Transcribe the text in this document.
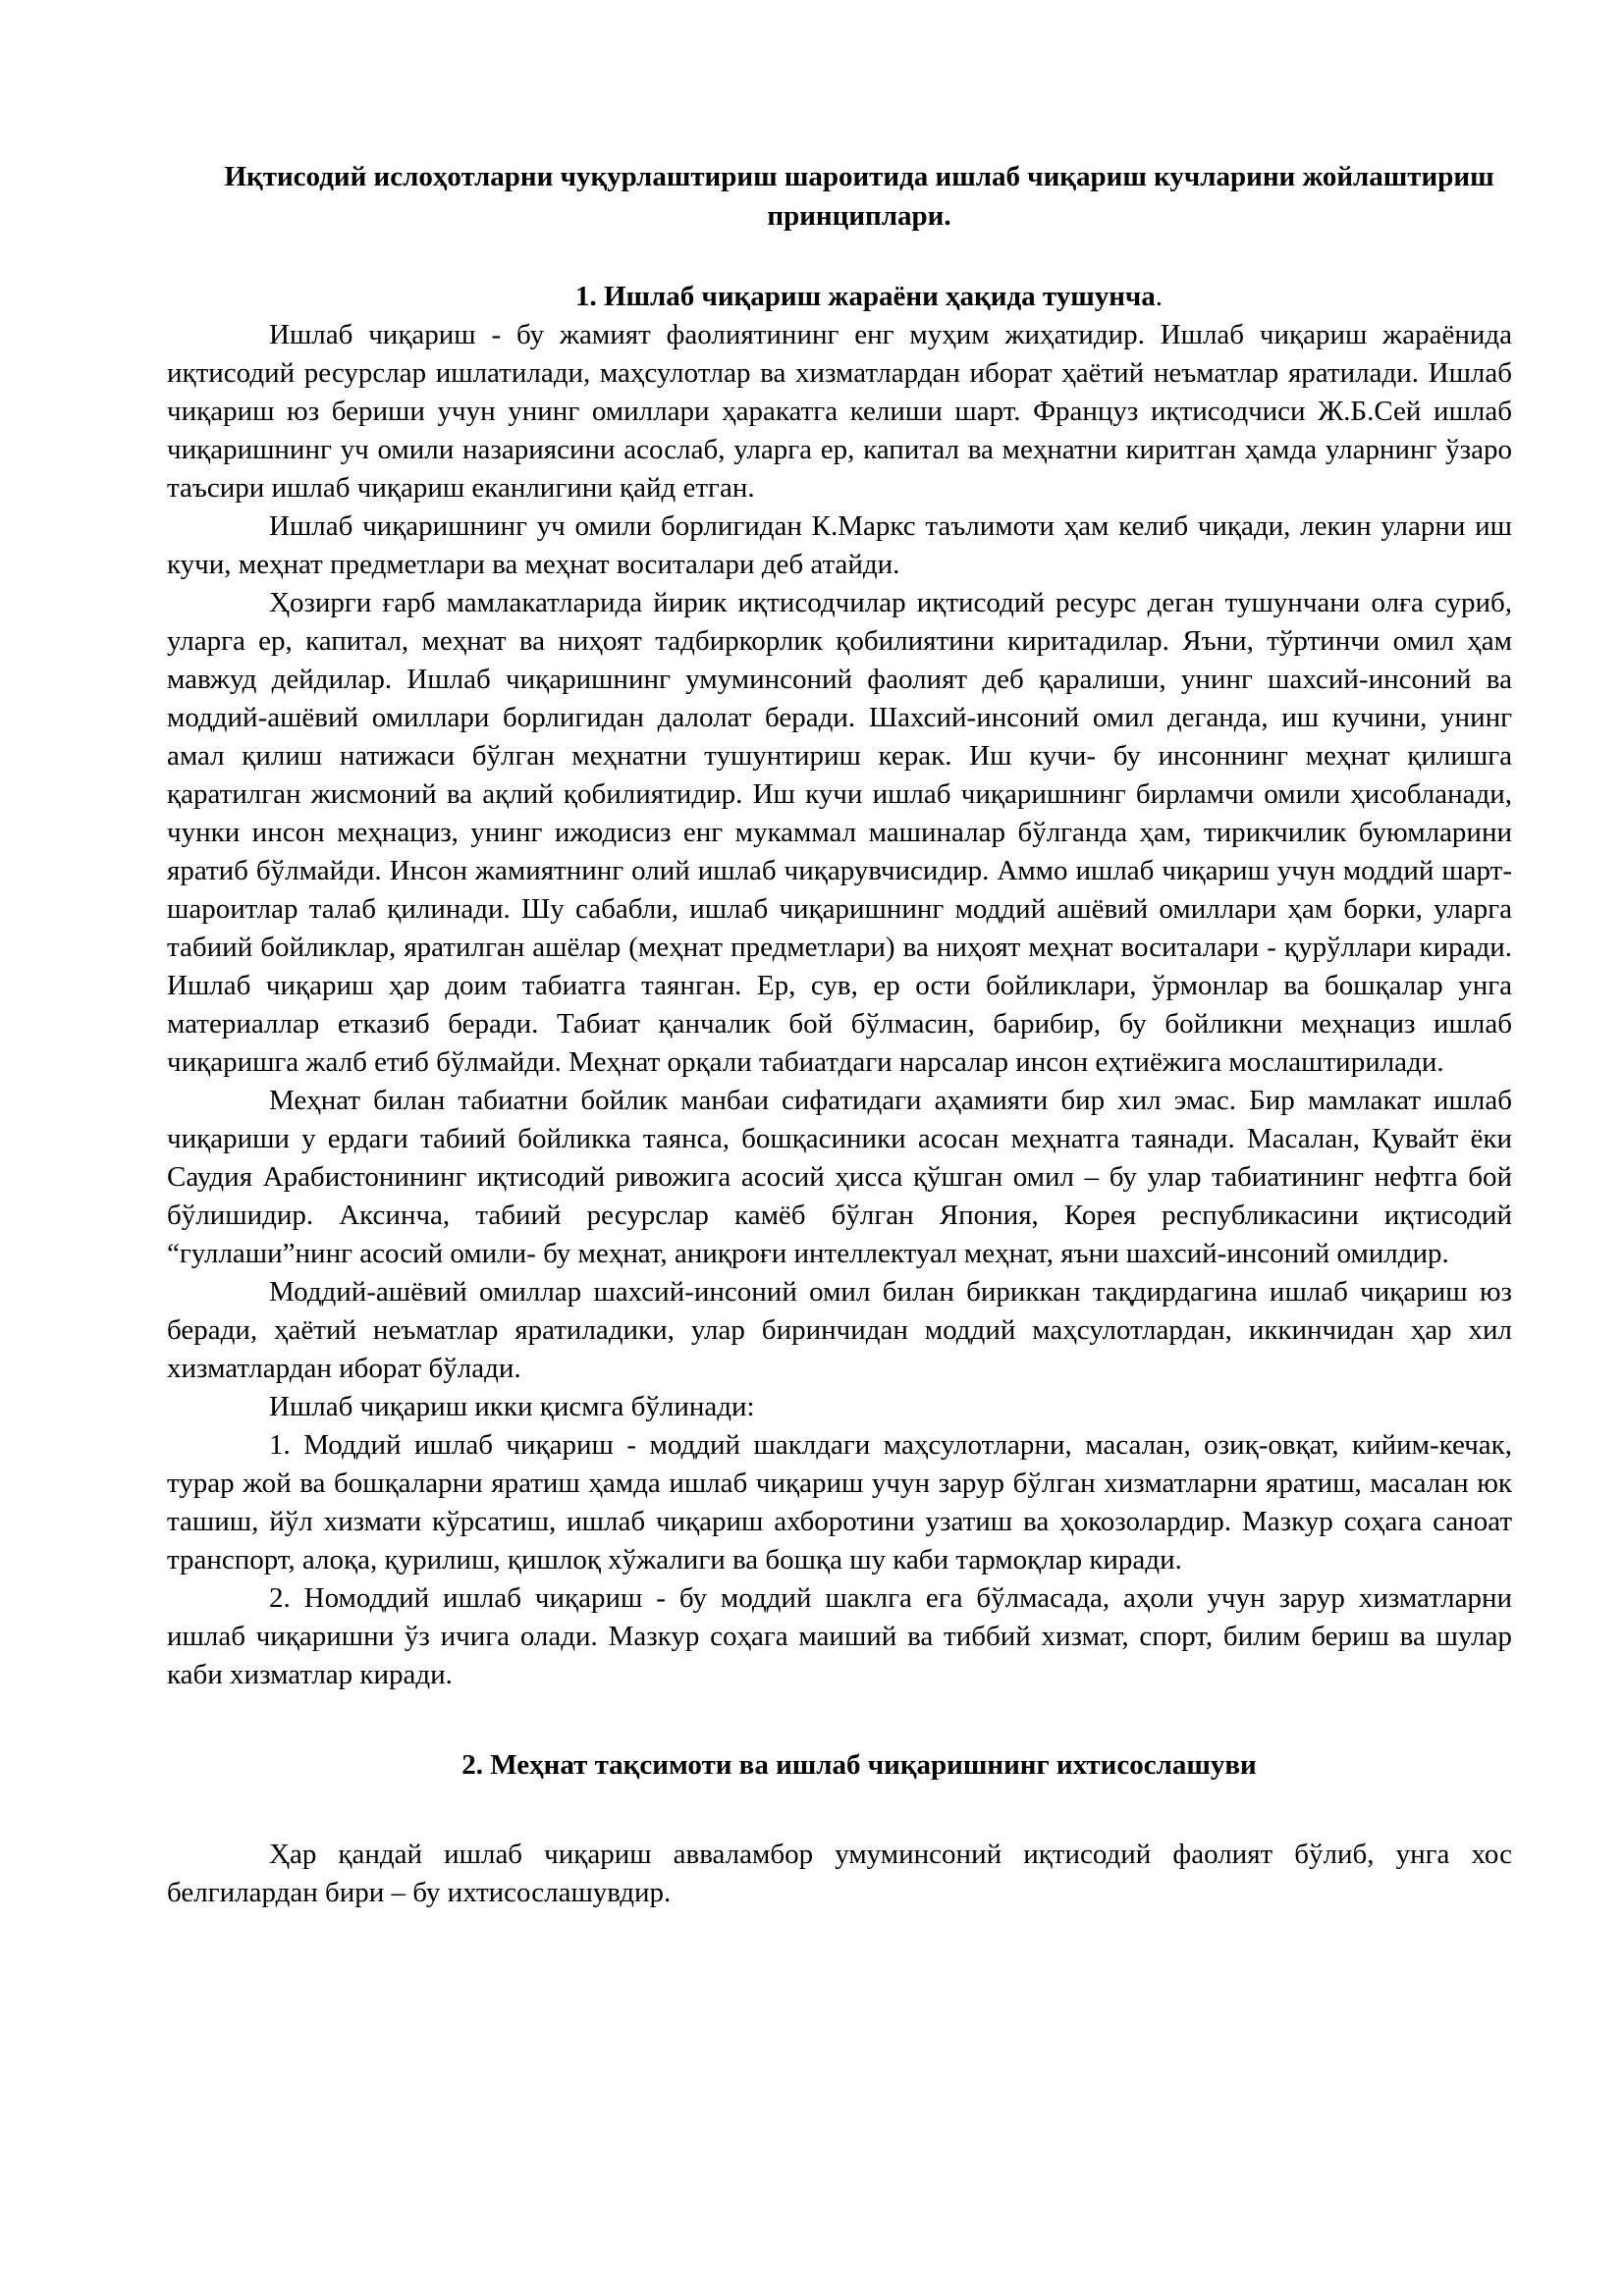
Иқтисодий ислоҳотларни чуқурлаштириш шароитида ишлаб чиқариш кучларини жойлаштириш принциплари.
1. Ишлаб чиқариш жараёни ҳақида тушунча.

Ишлаб чиқариш - бу жамият фаолиятининг енг муҳим жиҳатидир. Ишлаб чиқариш жараёнида иқтисодий ресурслар ишлатилади, маҳсулотлар ва хизматлардан иборат ҳаётий неъматлар яратилади. Ишлаб чиқариш юз бериши учун унинг омиллари ҳаракатга келиши шарт. Француз иқтисодчиси Ж.Б.Сей ишлаб чиқаришнинг уч омили назариясини асослаб, уларга ер, капитал ва меҳнатни киритган ҳамда уларнинг ўзаро таъсири ишлаб чиқариш еканлигини қайд етган.

Ишлаб чиқаришнинг уч омили борлигидан К.Маркс таълимоти ҳам келиб чиқади, лекин уларни иш кучи, меҳнат предметлари ва меҳнат воситалари деб атайди.

Ҳозирги ғарб мамлакатларида йирик иқтисодчилар иқтисодий ресурс деган тушунчани олға суриб, уларга ер, капитал, меҳнат ва ниҳоят тадбиркорлик қобилиятини киритадилар. Яъни, тўртинчи омил ҳам мавжуд дейдилар. Ишлаб чиқаришнинг умуминсоний фаолият деб қаралиши, унинг шахсий-инсоний ва моддий-ашёвий омиллари борлигидан далолат беради. Шахсий-инсоний омил деганда, иш кучини, унинг амал қилиш натижаси бўлган меҳнатни тушунтириш керак. Иш кучи- бу инсоннинг меҳнат қилишга қаратилган жисмоний ва ақлий қобилиятидир. Иш кучи ишлаб чиқаришнинг бирламчи омили ҳисобланади, чунки инсон меҳнациз, унинг ижодисиз енг мукаммал машиналар бўлганда ҳам, тирикчилик буюмларини яратиб бўлмайди. Инсон жамиятнинг олий ишлаб чиқарувчисидир. Аммо ишлаб чиқариш учун моддий шарт-шароитлар талаб қилинади. Шу сабабли, ишлаб чиқаришнинг моддий ашёвий омиллари ҳам борки, уларга табиий бойликлар, яратилган ашёлар (меҳнат предметлари) ва ниҳоят меҳнат воситалари - қурўллари киради. Ишлаб чиқариш ҳар доим табиатга таянган. Ер, сув, ер ости бойликлари, ўрмонлар ва бошқалар унга материаллар етказиб беради. Табиат қанчалик бой бўлмасин, барибир, бу бойликни меҳнациз ишлаб чиқаришга жалб етиб бўлмайди. Меҳнат орқали табиатдаги нарсалар инсон еҳтиёжига мослаштирилади.

Меҳнат билан табиатни бойлик манбаи сифатидаги аҳамияти бир хил эмас. Бир мамлакат ишлаб чиқариши у ердаги табиий бойликка таянса, бошқасиники асосан меҳнатга таянади. Масалан, Қувайт ёки Саудия Арабистонининг иқтисодий ривожига асосий ҳисса қўшган омил – бу улар табиатининг нефтга бой бўлишидир. Аксинча, табиий ресурслар камёб бўлган Япония, Корея республикасини иқтисодий “гуллаши”нинг асосий омили- бу меҳнат, аниқроғи интеллектуал меҳнат, яъни шахсий-инсоний омилдир.

Моддий-ашёвий омиллар шахсий-инсоний омил билан бириккан тақдирдагина ишлаб чиқариш юз беради, ҳаётий неъматлар яратиладики, улар биринчидан моддий маҳсулотлардан, иккинчидан ҳар хил хизматлардан иборат бўлади.

Ишлаб чиқариш икки қисмга бўлинади:

1. Моддий ишлаб чиқариш - моддий шаклдаги маҳсулотларни, масалан, озиқ-овқат, кийим-кечак, турар жой ва бошқаларни яратиш ҳамда ишлаб чиқариш учун зарур бўлган хизматларни яратиш, масалан юк ташиш, йўл хизмати кўрсатиш, ишлаб чиқариш ахборотини узатиш ва ҳокозолардир. Мазкур соҳага саноат транспорт, алоқа, қурилиш, қишлоқ хўжалиги ва бошқа шу каби тармоқлар киради.

2. Номоддий ишлаб чиқариш - бу моддий шаклга ега бўлмасада, аҳоли учун зарур хизматларни ишлаб чиқаришни ўз ичига олади. Мазкур соҳага маиший ва тиббий хизмат, спорт, билим бериш ва шулар каби хизматлар киради.

2. Меҳнат тақсимоти ва ишлаб чиқаришнинг ихтисослашуви

Ҳар қандай ишлаб чиқариш авваламбор умуминсоний иқтисодий фаолият бўлиб, унга хос белгилардан бири – бу ихтисослашувдир.
